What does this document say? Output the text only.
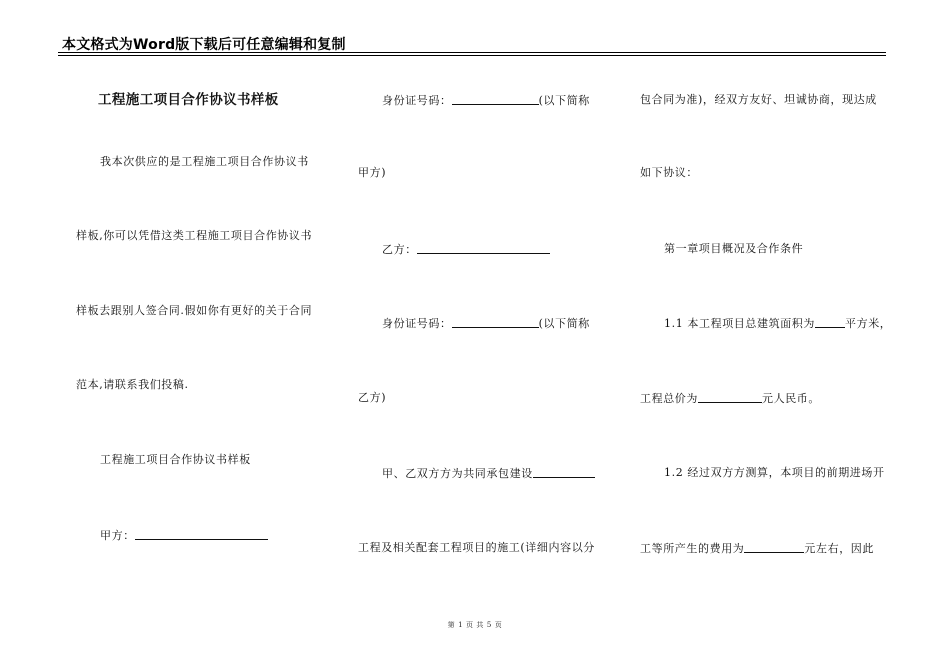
本文格式为Word版下载后可任意编辑和复制
工程施工项目合作协议书样板
我本次供应的是工程施工项目合作协议书
样板,你可以凭借这类工程施工项目合作协议书
样板去跟别人签合同.假如你有更好的关于合同
范本,请联系我们投稿.
工程施工项目合作协议书样板
甲方：
身份证号码：	(以下简称
甲方)
乙方：
身份证号码：	(以下简称
乙方)
甲、乙双方方为共同承包建设
工程及相关配套工程项目的施工(详细内容以分
包合同为准)，经双方友好、坦诚协商，现达成
如下协议：
第一章项目概况及合作条件
1.1 本工程项目总建筑面积为	平方米，
工程总价为	元人民币。
1.2 经过双方方测算，本项目的前期进场开
工等所产生的费用为	元左右，因此
第 1 页 共 5 页
